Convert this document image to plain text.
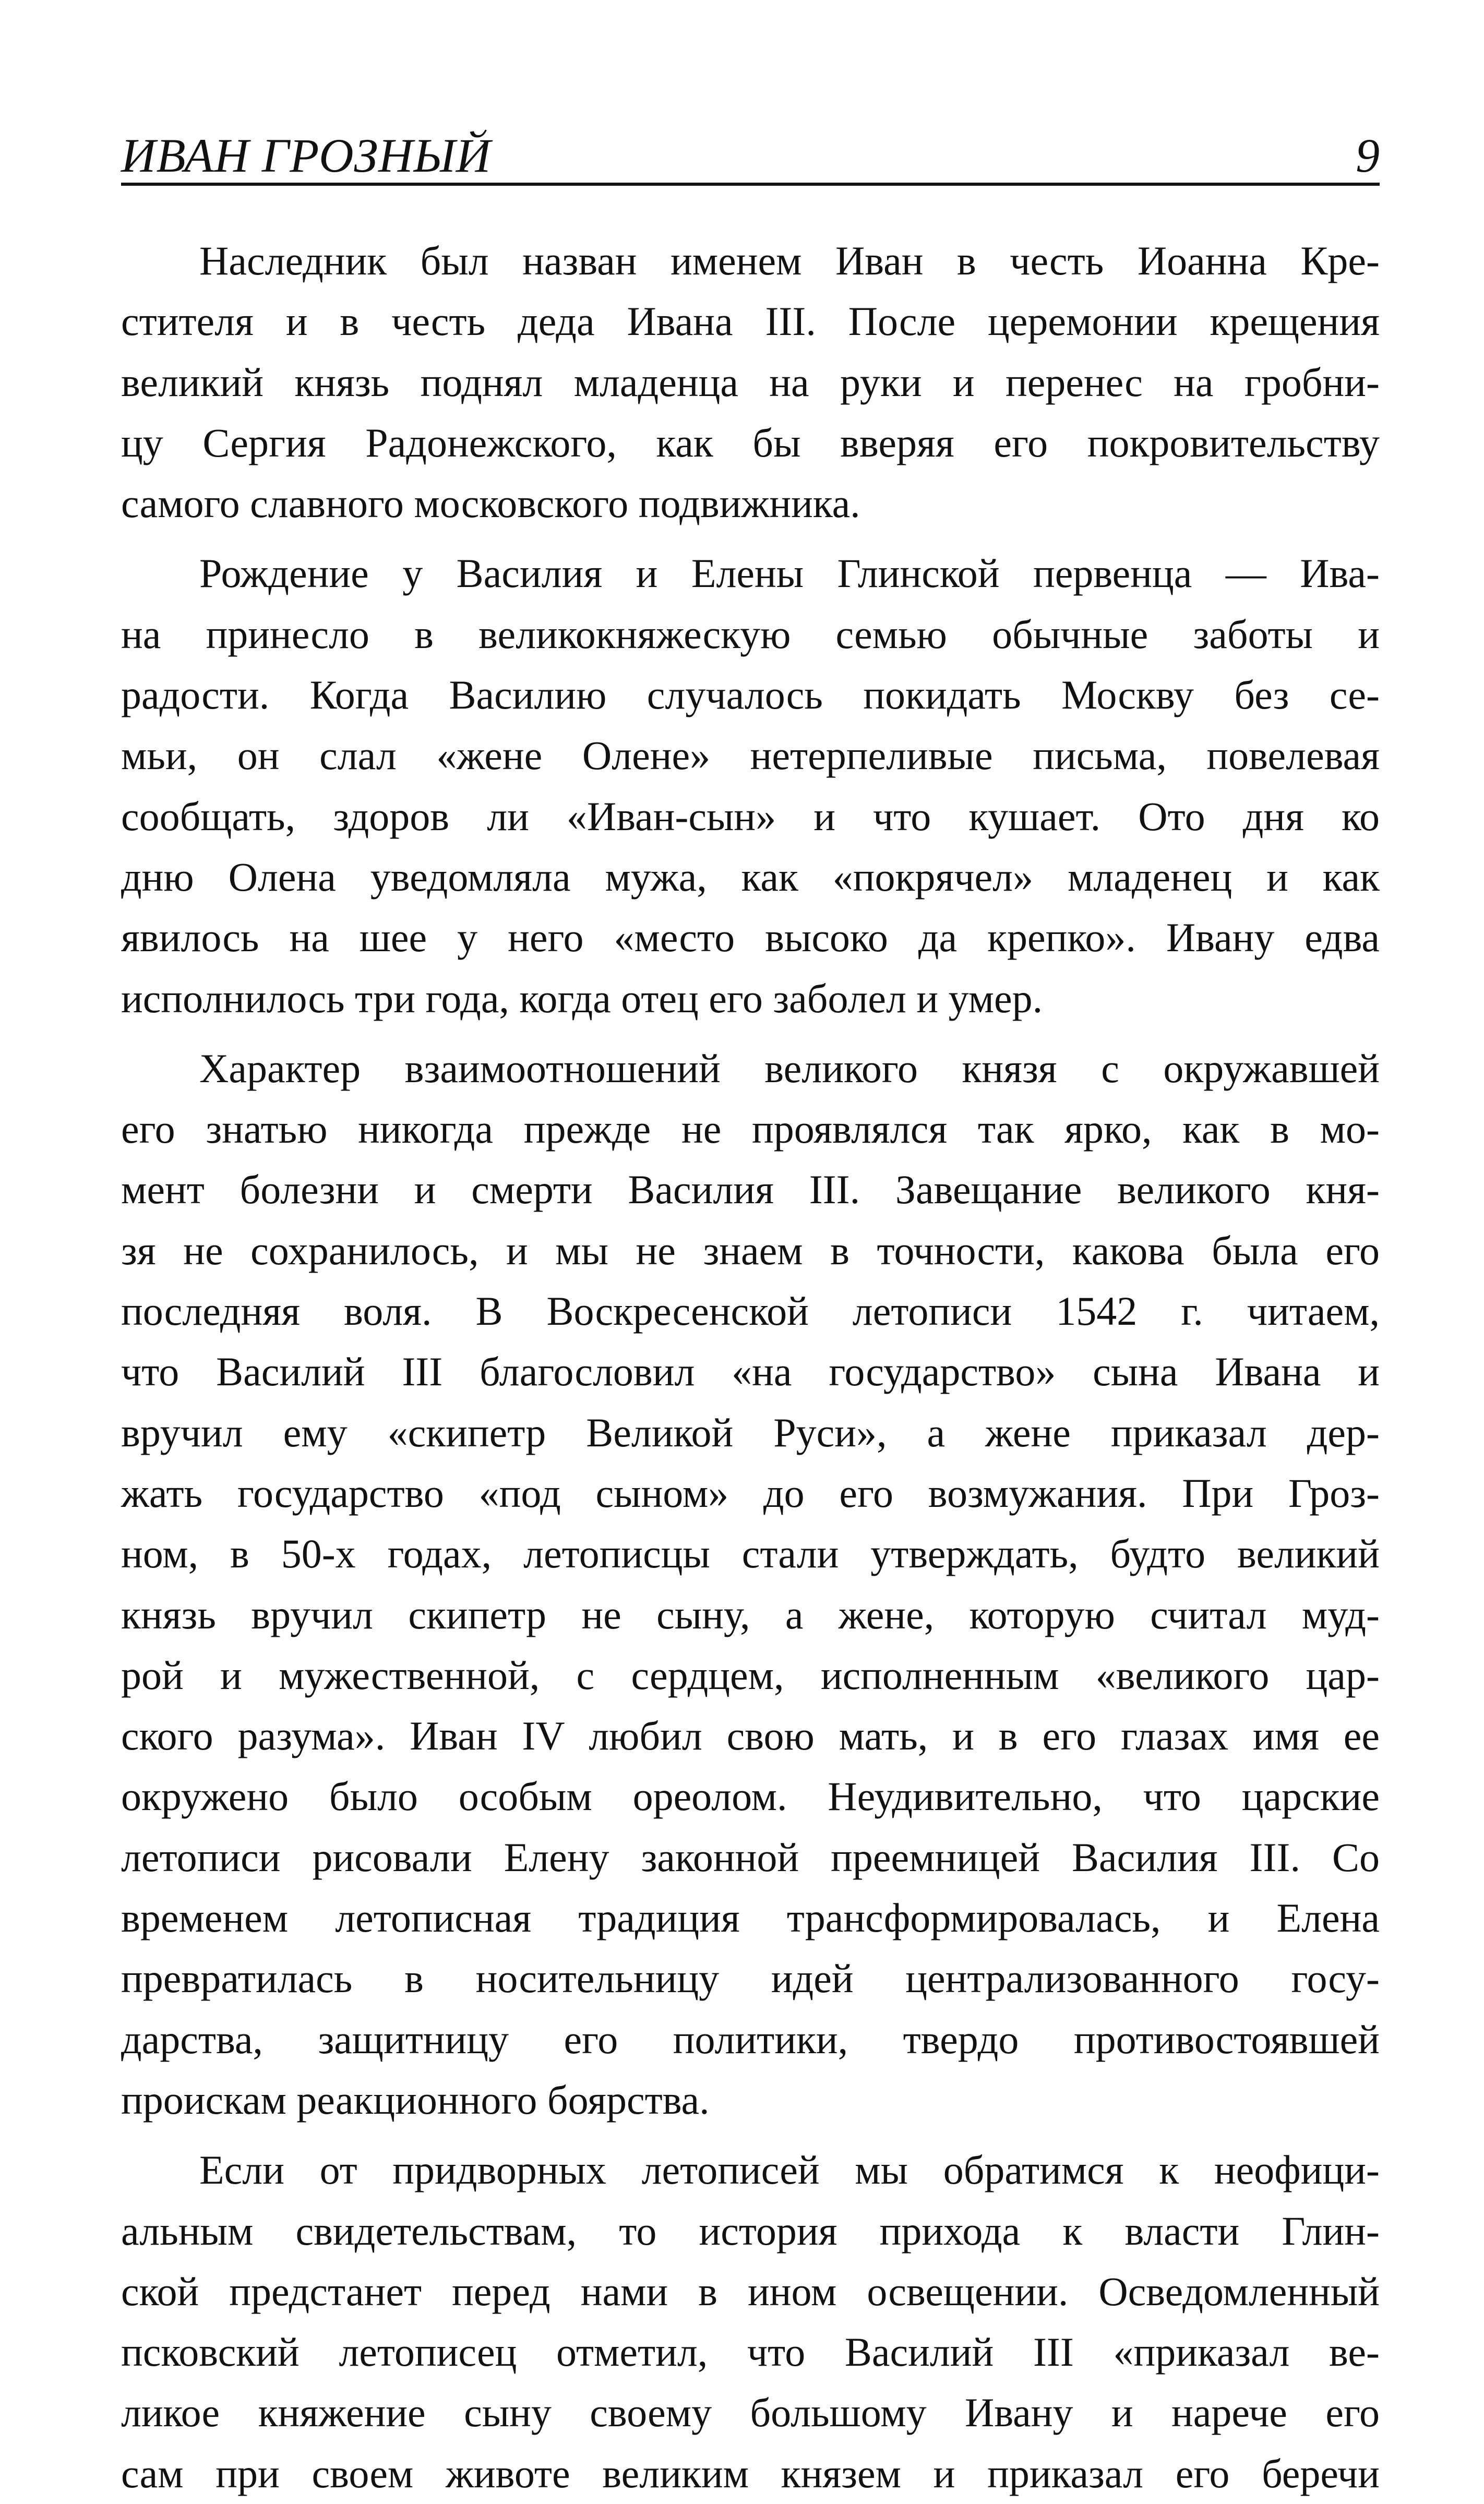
ИВАН ГРОЗНЫЙ	9
Наследник был назван именем Иван в честь Иоанна Кре-
стителя и в честь деда Ивана III. После церемонии крещения
великий князь поднял младенца на руки и перенес на гробни-
цу Сергия Радонежского, как бы вверяя его покровительству
самого славного московского подвижника.
Рождение у Василия и Елены Глинской первенца — Ива-
на принесло в великокняжескую семью обычные заботы и
радости. Когда Василию случалось покидать Москву без се-
мьи, он слал «жене Олене» нетерпеливые письма, повелевая
сообщать, здоров ли «Иван-сын» и что кушает. Ото дня ко
дню Олена уведомляла мужа, как «покрячел» младенец и как
явилось на шее у него «место высоко да крепко». Ивану едва
исполнилось три года, когда отец его заболел и умер.
Характер взаимоотношений великого князя с окружавшей
его знатью никогда прежде не проявлялся так ярко, как в мо-
мент болезни и смерти Василия III. Завещание великого кня-
зя не сохранилось, и мы не знаем в точности, какова была его
последняя воля. В Воскресенской летописи 1542 г. читаем,
что Василий III благословил «на государство» сына Ивана и
вручил ему «скипетр Великой Руси», а жене приказал дер-
жать государство «под сыном» до его возмужания. При Гроз-
ном, в 50-х годах, летописцы стали утверждать, будто великий
князь вручил скипетр не сыну, а жене, которую считал муд-
рой и мужественной, с сердцем, исполненным «великого цар-
ского разума». Иван IV любил свою мать, и в его глазах имя ее
окружено было особым ореолом. Неудивительно, что царские
летописи рисовали Елену законной преемницей Василия III. Со
временем летописная традиция трансформировалась, и Елена
превратилась в носительницу идей централизованного госу-
дарства, защитницу его политики, твердо противостоявшей
проискам реакционного боярства.
Если от придворных летописей мы обратимся к неофици-
альным свидетельствам, то история прихода к власти Глин-
ской предстанет перед нами в ином освещении. Осведомленный
псковский летописец отметил, что Василий III «приказал ве-
ликое княжение сыну своему большому Ивану и нарече его
сам при своем животе великим князем и приказал его беречи
